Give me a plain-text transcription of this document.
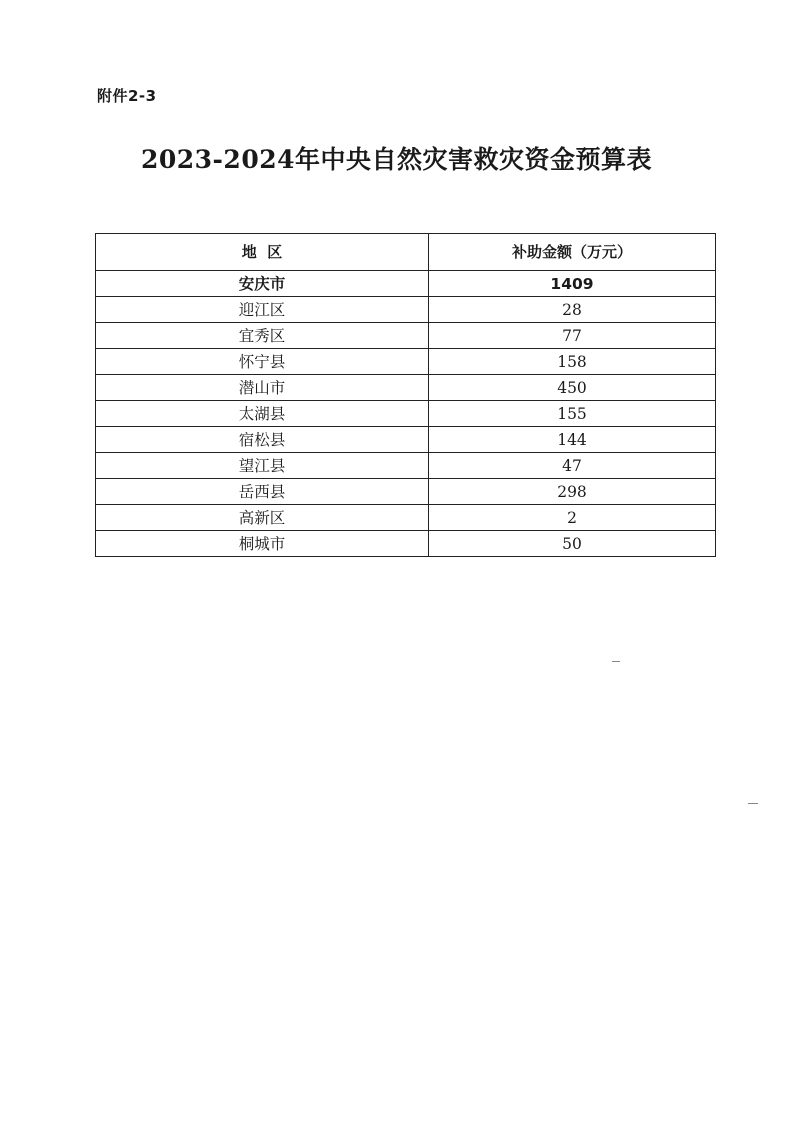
附件2-3
2023-2024年中央自然灾害救灾资金预算表
地  区	补助金额（万元）
安庆市	1409
迎江区	28
宜秀区	77
怀宁县	158
潜山市	450
太湖县	155
宿松县	144
望江县	47
岳西县	298
高新区	2
桐城市	50
